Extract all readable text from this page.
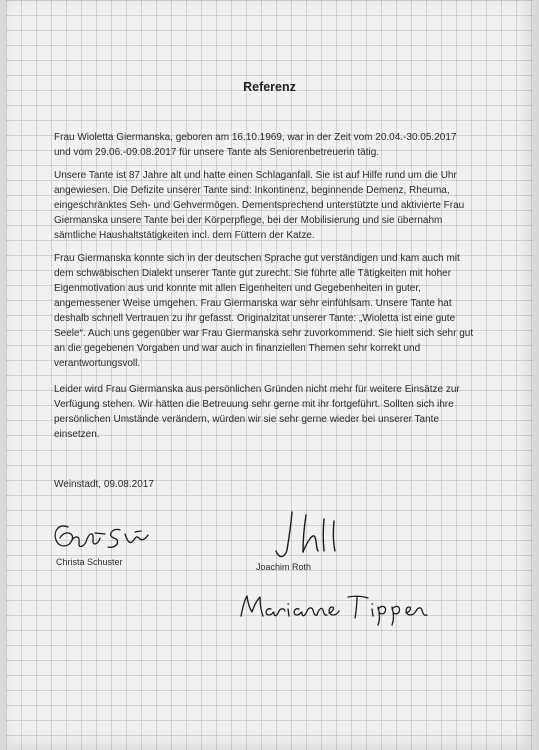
Referenz

Frau Wioletta Giermanska, geboren am 16.10.1969, war in der Zeit vom 20.04.-30.05.2017 und vom 29.06.-09.08.2017 für unsere Tante als Seniorenbetreuerin tätig.

Unsere Tante ist 87 Jahre alt und hatte einen Schlaganfall. Sie ist auf Hilfe rund um die Uhr angewiesen. Die Defizite unserer Tante sind: Inkontinenz, beginnende Demenz, Rheuma, eingeschränktes Seh- und Gehvermögen. Dementsprechend unterstützte und aktivierte Frau Giermanska unsere Tante bei der Körperpflege, bei der Mobilisierung und sie übernahm sämtliche Haushaltstätigkeiten incl. dem Füttern der Katze.

Frau Giermanska konnte sich in der deutschen Sprache gut verständigen und kam auch mit dem schwäbischen Dialekt unserer Tante gut zurecht. Sie führte alle Tätigkeiten mit hoher Eigenmotivation aus und konnte mit allen Eigenheiten und Gegebenheiten in guter, angemessener Weise umgehen. Frau Giermanska war sehr einfühlsam. Unsere Tante hat deshalb schnell Vertrauen zu ihr gefasst. Originalzitat unserer Tante: „Wioletta ist eine gute Seele“. Auch uns gegenüber war Frau Giermanska sehr zuvorkommend. Sie hielt sich sehr gut an die gegebenen Vorgaben und war auch in finanziellen Themen sehr korrekt und verantwortungsvoll.

Leider wird Frau Giermanska aus persönlichen Gründen nicht mehr für weitere Einsätze zur Verfügung stehen. Wir hätten die Betreuung sehr gerne mit ihr fortgeführt. Sollten sich ihre persönlichen Umstände verändern, würden wir sie sehr gerne wieder bei unserer Tante einsetzen.

Weinstadt, 09.08.2017
Christa Schuster	Joachim Roth
